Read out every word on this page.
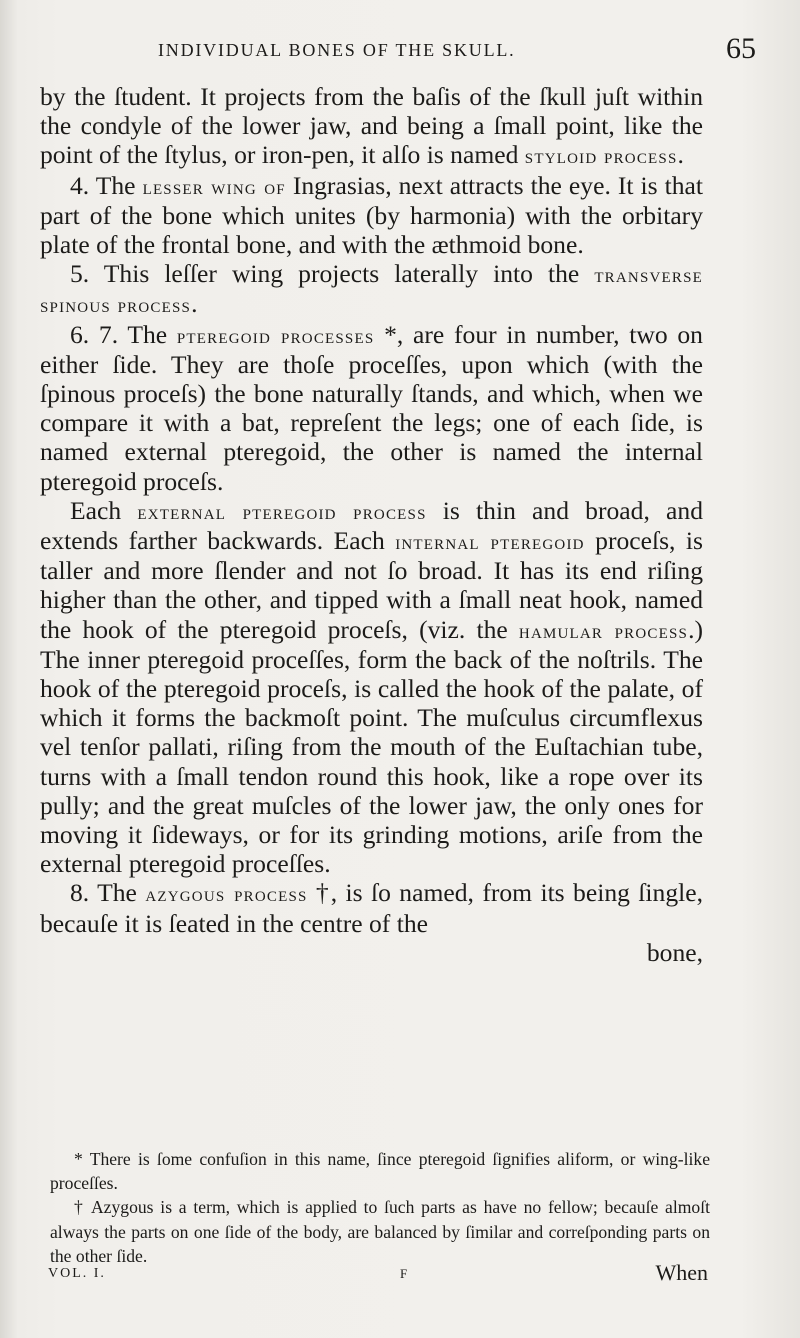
INDIVIDUAL BONES OF THE SKULL.	65

by the ſtudent. It projects from the baſis of the ſkull juſt within the condyle of the lower jaw, and being a ſmall point, like the point of the ſtylus, or iron-pen, it alſo is named styloid process.

4. The lesser wing of Ingrasias, next attracts the eye. It is that part of the bone which unites (by harmonia) with the orbitary plate of the frontal bone, and with the æthmoid bone.

5. This leſſer wing projects laterally into the transverse spinous process.

6. 7. The pteregoid processes *, are four in number, two on either ſide. They are thoſe proceſſes, upon which (with the ſpinous proceſs) the bone naturally ſtands, and which, when we compare it with a bat, repreſent the legs; one of each ſide, is named external pteregoid, the other is named the internal pteregoid proceſs.

Each external pteregoid process is thin and broad, and extends farther backwards. Each internal pteregoid proceſs, is taller and more ſlender and not ſo broad. It has its end riſing higher than the other, and tipped with a ſmall neat hook, named the hook of the pteregoid proceſs, (viz. the hamular process.) The inner pteregoid proceſſes, form the back of the noſtrils. The hook of the pteregoid proceſs, is called the hook of the palate, of which it forms the backmoſt point. The muſculus circumflexus vel tenſor pallati, riſing from the mouth of the Euſtachian tube, turns with a ſmall tendon round this hook, like a rope over its pully; and the great muſcles of the lower jaw, the only ones for moving it ſideways, or for its grinding motions, ariſe from the external pteregoid proceſſes.

8. The azygous process †, is ſo named, from its being ſingle, becauſe it is ſeated in the centre of the

bone,

* There is ſome confuſion in this name, ſince pteregoid ſignifies aliform, or wing-like proceſſes.

† Azygous is a term, which is applied to ſuch parts as have no fellow; becauſe almoſt always the parts on one ſide of the body, are balanced by ſimilar and correſponding parts on the other ſide.

VOL. I.	F	When
